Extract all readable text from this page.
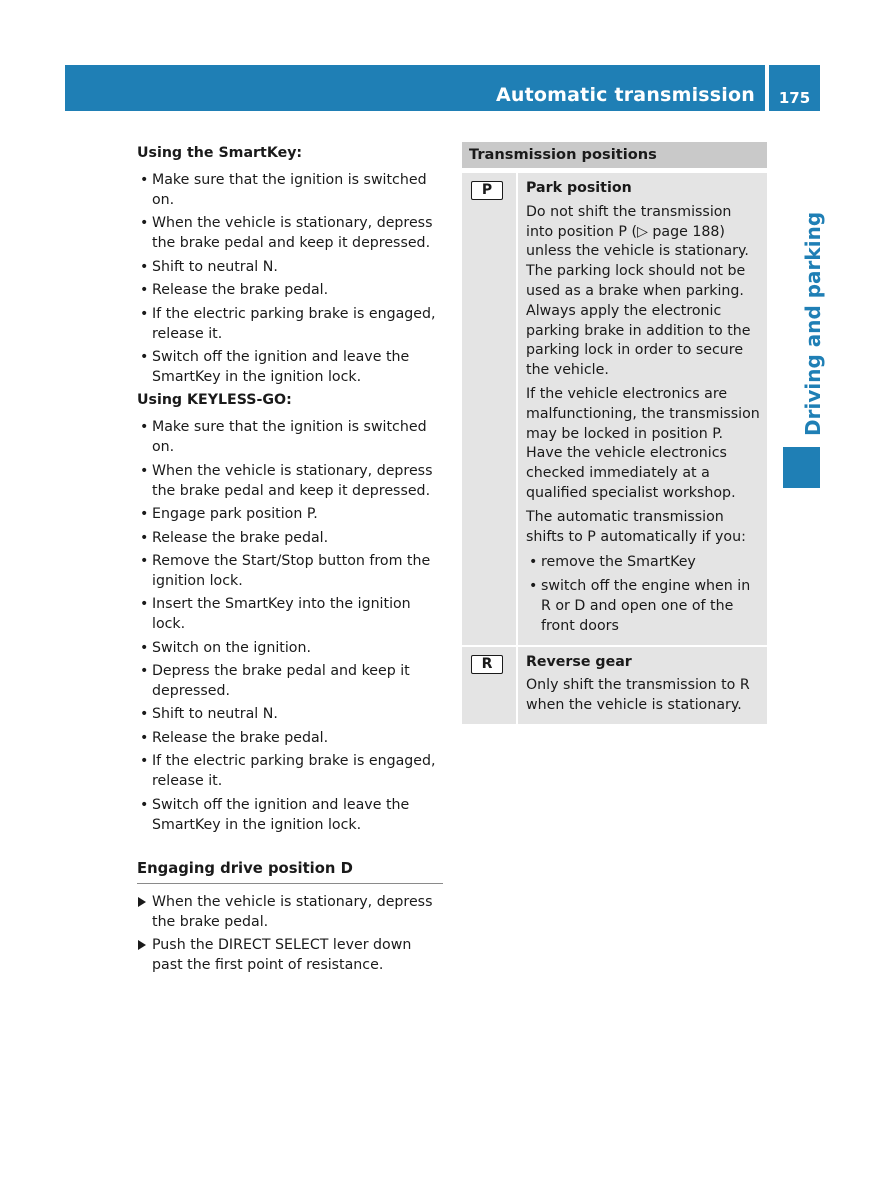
Automatic transmission	175
Driving and parking
Using the SmartKey:
• Make sure that the ignition is switched on.
• When the vehicle is stationary, depress the brake pedal and keep it depressed.
• Shift to neutral N.
• Release the brake pedal.
• If the electric parking brake is engaged, release it.
• Switch off the ignition and leave the SmartKey in the ignition lock.
Using KEYLESS-GO:
• Make sure that the ignition is switched on.
• When the vehicle is stationary, depress the brake pedal and keep it depressed.
• Engage park position P.
• Release the brake pedal.
• Remove the Start/Stop button from the ignition lock.
• Insert the SmartKey into the ignition lock.
• Switch on the ignition.
• Depress the brake pedal and keep it depressed.
• Shift to neutral N.
• Release the brake pedal.
• If the electric parking brake is engaged, release it.
• Switch off the ignition and leave the SmartKey in the ignition lock.
Engaging drive position D
When the vehicle is stationary, depress the brake pedal.
Push the DIRECT SELECT lever down past the first point of resistance.
Transmission positions
P	Park position

Do not shift the transmission into position P (▷ page 188) unless the vehicle is stationary. The parking lock should not be used as a brake when parking. Always apply the electronic parking brake in addition to the parking lock in order to secure the vehicle.

If the vehicle electronics are malfunctioning, the transmission may be locked in position P. Have the vehicle electronics checked immediately at a qualified specialist workshop.

The automatic transmission shifts to P automatically if you:

• remove the SmartKey
• switch off the engine when in R or D and open one of the front doors
R	Reverse gear

Only shift the transmission to R when the vehicle is stationary.
